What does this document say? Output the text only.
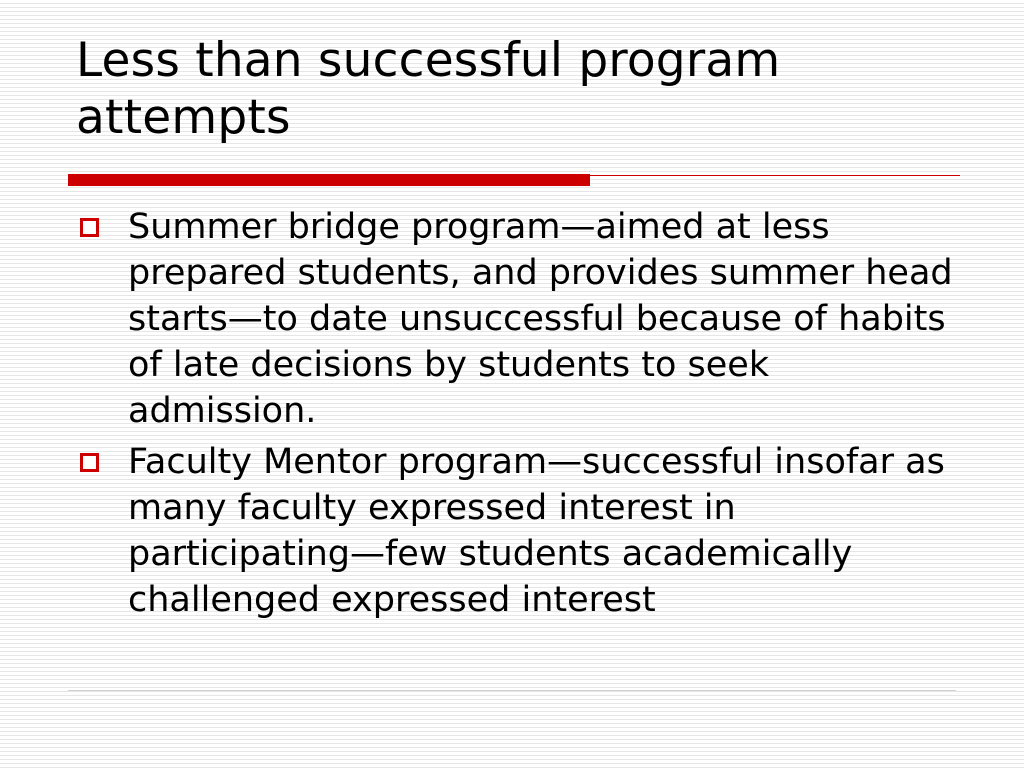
Less than successful program attempts
Summer bridge program—aimed at less prepared students, and provides summer head starts—to date unsuccessful because of habits of late decisions by students to seek admission.
Faculty Mentor program—successful insofar as many faculty expressed interest in participating—few students academically challenged expressed interest
